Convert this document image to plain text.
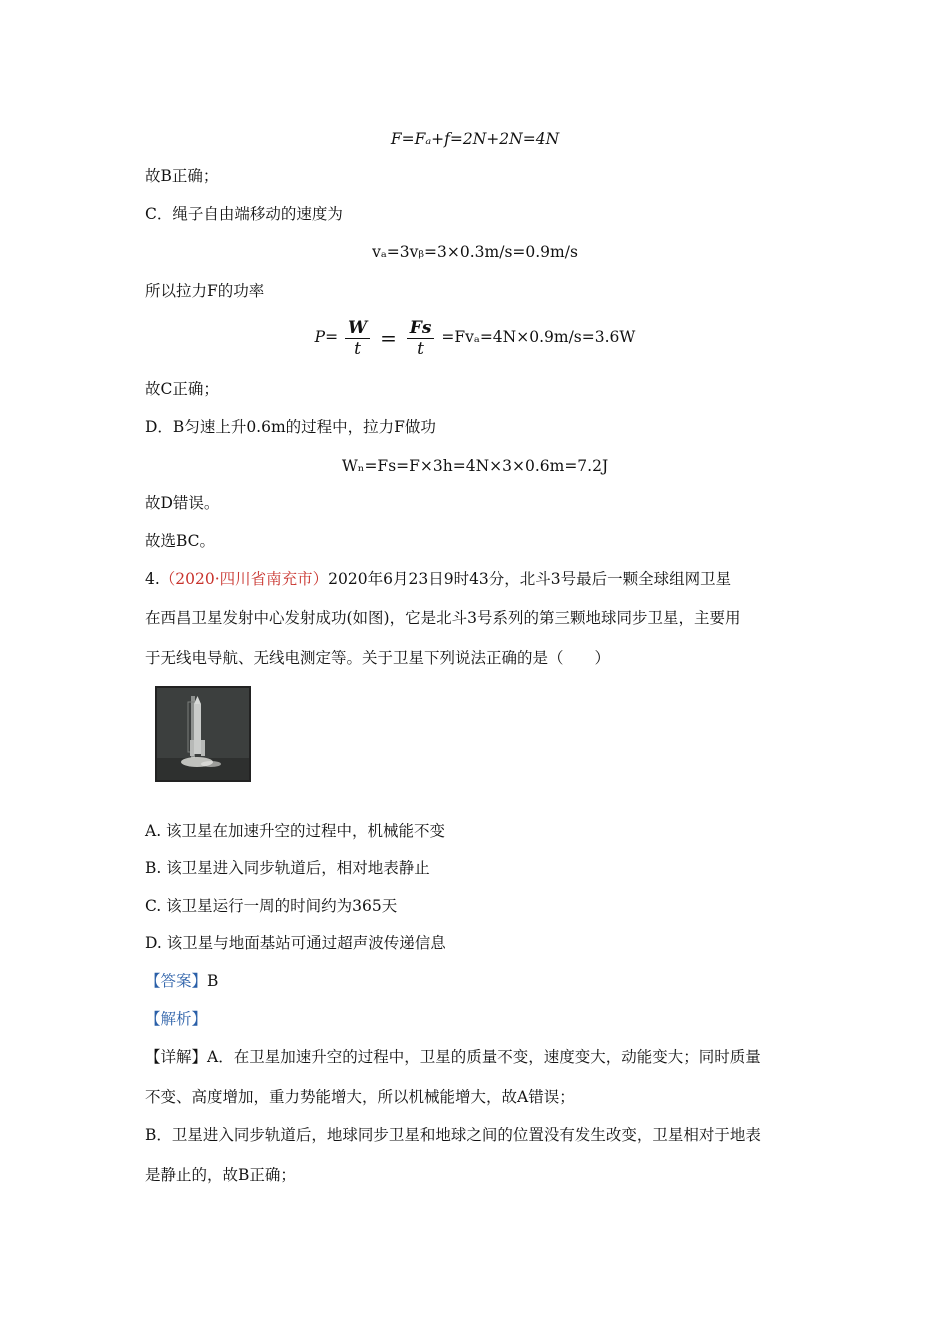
F=Fₐ+f=2N+2N=4N
故B正确；
C．绳子自由端移动的速度为
vₐ=3vᵦ=3×0.3m/s=0.9m/s
所以拉力F的功率
$P= \frac{W}{t} = \frac{Fs}{t} =Fv_a=4N\times 0.9m/s=3.6W$
故C正确；
D．B匀速上升0.6m的过程中，拉力F做功
Wₙ=Fs=F×3h=4N×3×0.6m=7.2J
故D错误。
故选BC。
4.（2020·四川省南充市）2020年6月23日9时43分，北斗3号最后一颗全球组网卫星
在西昌卫星发射中心发射成功(如图)，它是北斗3号系列的第三颗地球同步卫星，主要用
于无线电导航、无线电测定等。关于卫星下列说法正确的是（　　）
A. 该卫星在加速升空的过程中，机械能不变
B. 该卫星进入同步轨道后，相对地表静止
C. 该卫星运行一周的时间约为365天
D. 该卫星与地面基站可通过超声波传递信息
【答案】B
【解析】
【详解】A．在卫星加速升空的过程中，卫星的质量不变，速度变大，动能变大；同时质量
不变、高度增加，重力势能增大，所以机械能增大，故A错误；
B．卫星进入同步轨道后，地球同步卫星和地球之间的位置没有发生改变，卫星相对于地表
是静止的，故B正确；
